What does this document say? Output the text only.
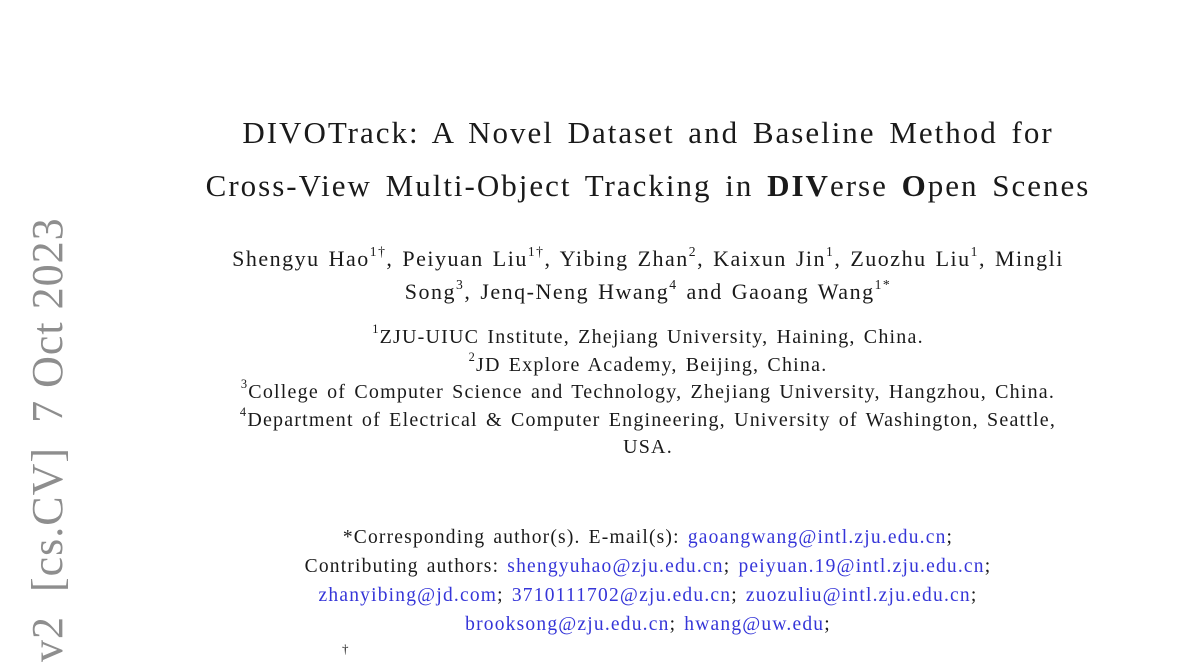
v2  [cs.CV]  7 Oct 2023
DIVOTrack: A Novel Dataset and Baseline Method for
Cross-View Multi-Object Tracking in DIVerse Open Scenes
Shengyu Hao$^{1\dagger}$, Peiyuan Liu$^{1\dagger}$, Yibing Zhan$^2$, Kaixun Jin$^1$, Zuozhu Liu$^1$, Mingli
Song$^3$, Jenq-Neng Hwang$^4$ and Gaoang Wang$^{1*}$
$^1$ZJU-UIUC Institute, Zhejiang University, Haining, China.
$^2$JD Explore Academy, Beijing, China.
$^3$College of Computer Science and Technology, Zhejiang University, Hangzhou, China.
$^4$Department of Electrical & Computer Engineering, University of Washington, Seattle,
USA.
*Corresponding author(s). E-mail(s): gaoangwang@intl.zju.edu.cn;
Contributing authors: shengyuhao@zju.edu.cn; peiyuan.19@intl.zju.edu.cn;
zhanyibing@jd.com; 3710111702@zju.edu.cn; zuozuliu@intl.zju.edu.cn;
brooksong@zju.edu.cn; hwang@uw.edu;
†
